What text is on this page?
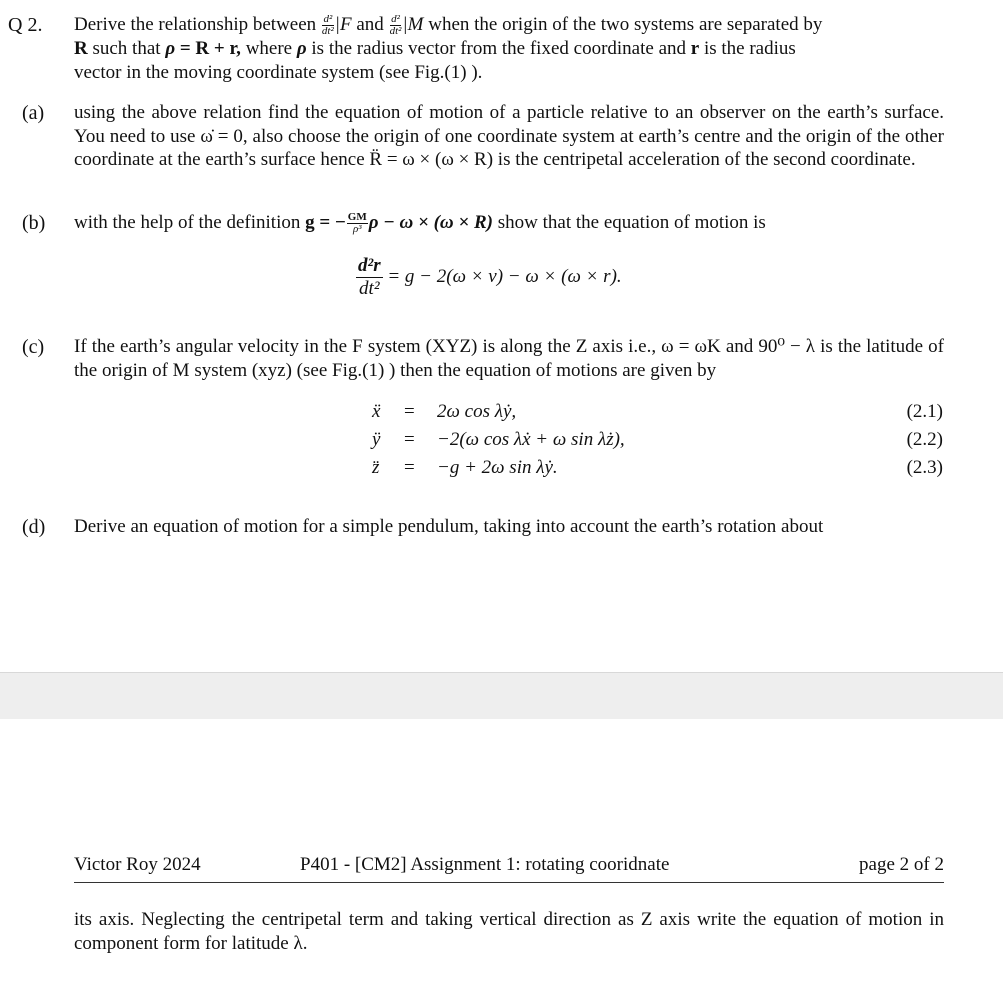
Q 2. Derive the relationship between $\frac{\text{d²}}{\text{dt²}} |F$ and $\frac{\text{d²}}{\text{dt²}} |M$ when the origin of the two systems are separated by
R such that ρ = R + r, where ρ is the radius vector from the fixed coordinate and r is the radius
vector in the moving coordinate system (see Fig.(1) ).
(a) using the above relation find the equation of motion of a particle relative to an observer on the earth’s surface. You need to use ω̇ = 0, also choose the origin of one coordinate system at earth’s centre and the origin of the other coordinate at the earth’s surface hence R̈ = ω × (ω × R) is the centripetal acceleration of the second coordinate.
(b) with the help of the definition g = − $\frac{GM}{\text{ρ³}}$ ρ − ω × (ω × R) show that the equation of motion is
$\frac{\text{d²r}}{\text{dt²}} = g - 2(\omega \times v) - \omega \times (\omega \times r)$.
(c) If the earth’s angular velocity in the F system (XYZ) is along the Z axis i.e., ω = ωK and 90⁰ − λ is the latitude of the origin of M system (xyz) (see Fig.(1) ) then the equation of motions are given by
ẍ = 2ω cos λẏ,	(2.1)
ÿ = −2(ω cos λẋ + ω sin λż),	(2.2)
z̈ = −g + 2ω sin λẏ.	(2.3)
(d) Derive an equation of motion for a simple pendulum, taking into account the earth’s rotation about
Victor Roy 2024	P401 - [CM2] Assignment 1: rotating cooridnate	page 2 of 2
its axis. Neglecting the centripetal term and taking vertical direction as Z axis write the equation of motion in component form for latitude λ.
